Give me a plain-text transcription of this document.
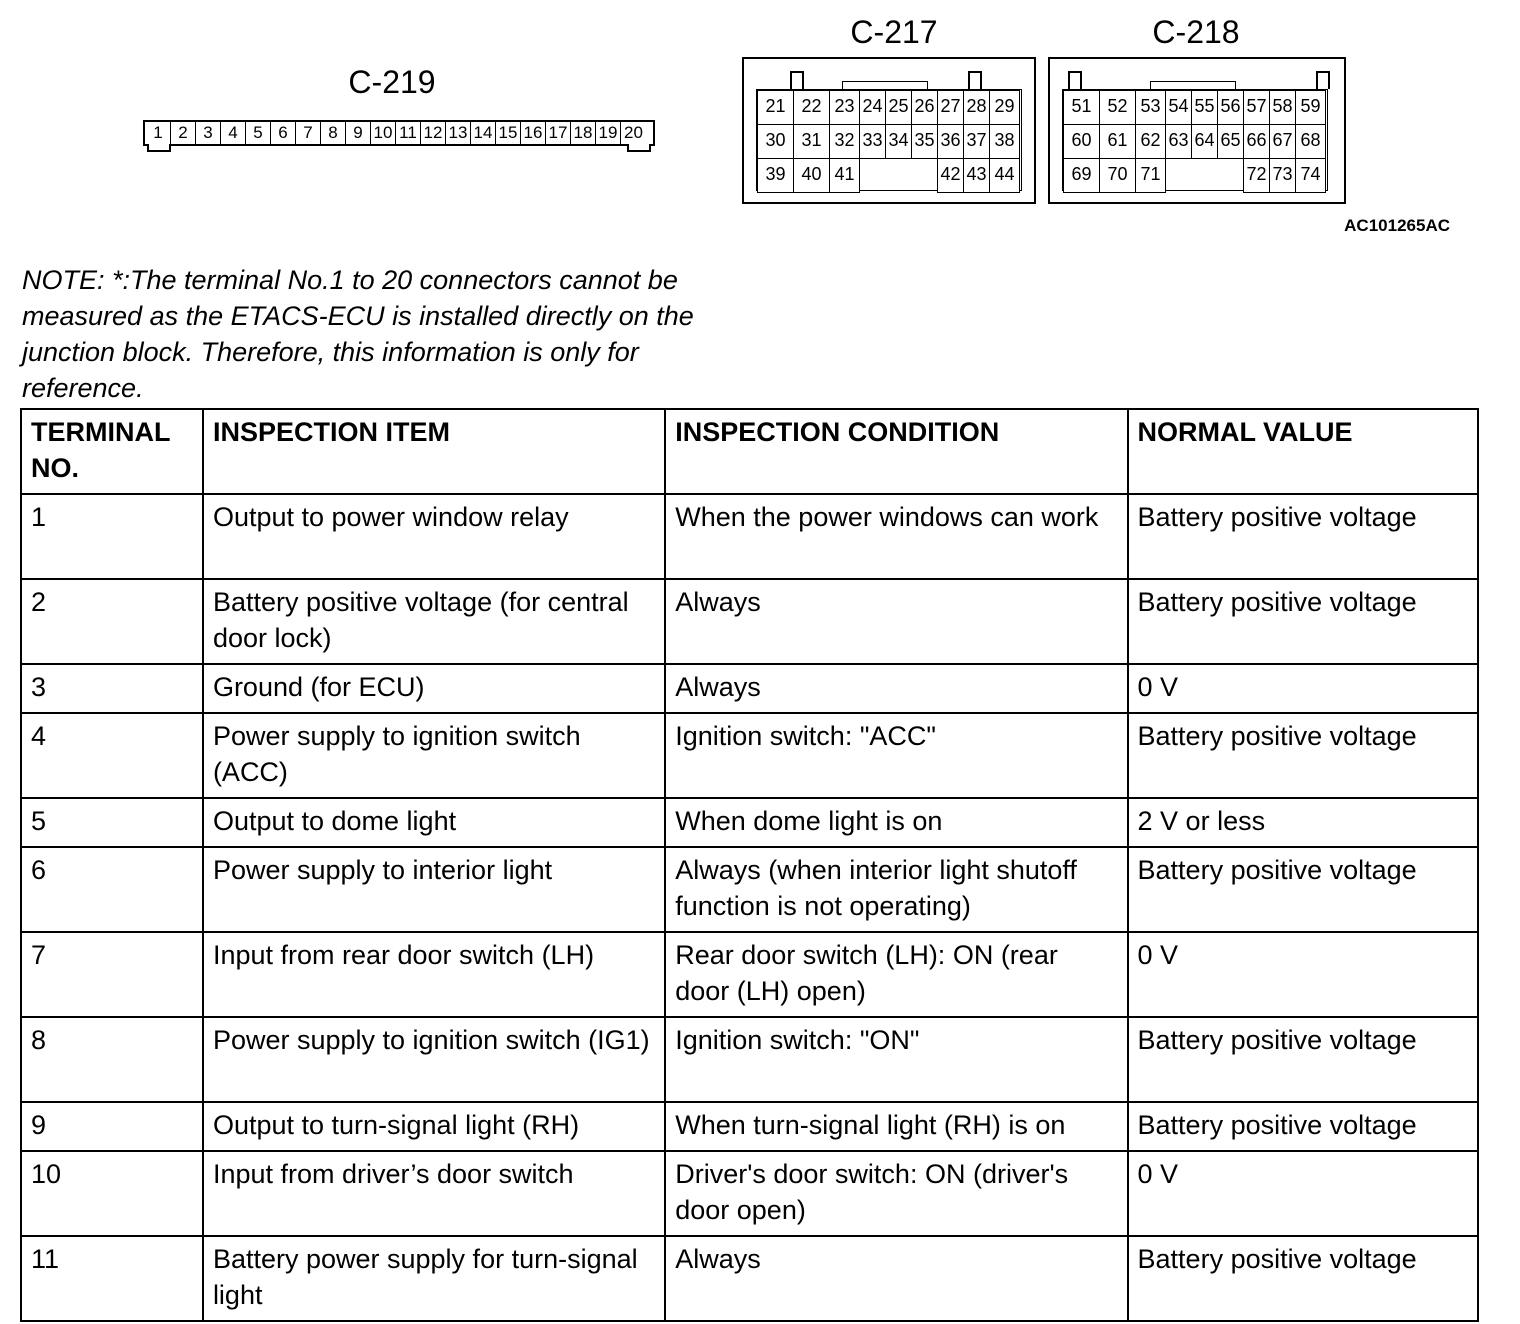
C-219
1 2 3 4 5 6 7 8 9 10 11 12 13 14 15 16 17 18 19 20
C-217
21 22 23 24 25 26 27 28 29
30 31 32 33 34 35 36 37 38
39 40 41	42 43 44
C-218
51 52 53 54 55 56 57 58 59
60 61 62 63 64 65 66 67 68
69 70 71	72 73 74
AC101265AC
NOTE: *:The terminal No.1 to 20 connectors cannot be measured as the ETACS-ECU is installed directly on the junction block. Therefore, this information is only for reference.
TERMINAL NO.	INSPECTION ITEM	INSPECTION CONDITION	NORMAL VALUE
1	Output to power window relay	When the power windows can work	Battery positive voltage
2	Battery positive voltage (for central door lock)	Always	Battery positive voltage
3	Ground (for ECU)	Always	0 V
4	Power supply to ignition switch (ACC)	Ignition switch: "ACC"	Battery positive voltage
5	Output to dome light	When dome light is on	2 V or less
6	Power supply to interior light	Always (when interior light shutoff function is not operating)	Battery positive voltage
7	Input from rear door switch (LH)	Rear door switch (LH): ON (rear door (LH) open)	0 V
8	Power supply to ignition switch (IG1)	Ignition switch: "ON"	Battery positive voltage
9	Output to turn-signal light (RH)	When turn-signal light (RH) is on	Battery positive voltage
10	Input from driver’s door switch	Driver's door switch: ON (driver's door open)	0 V
11	Battery power supply for turn-signal light	Always	Battery positive voltage
